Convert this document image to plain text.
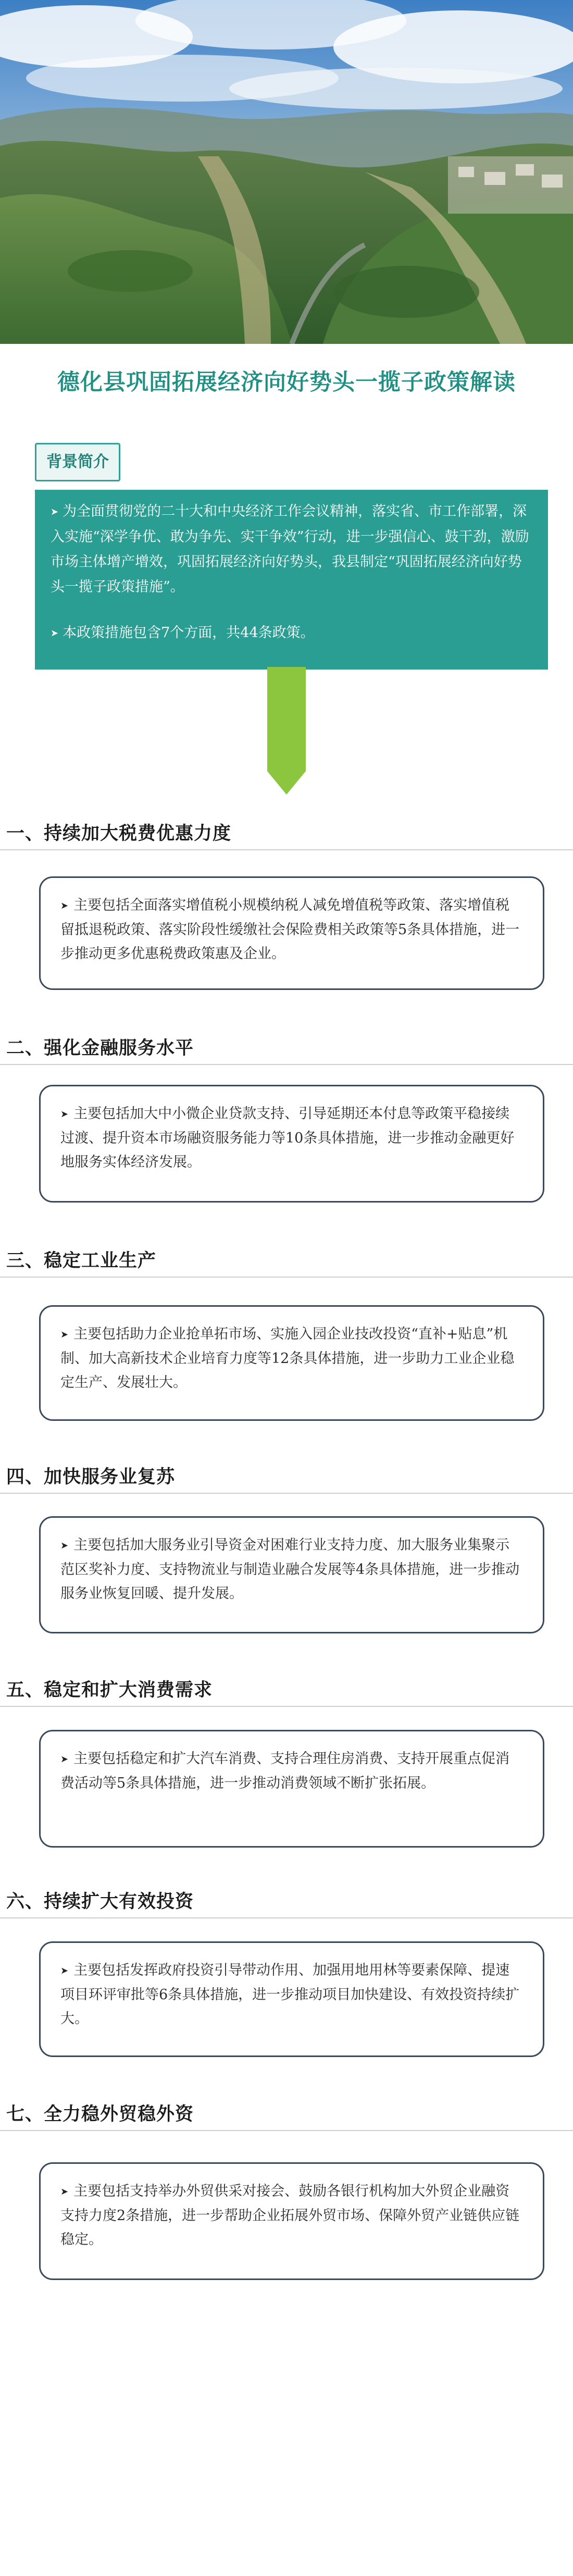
德化县巩固拓展经济向好势头一揽子政策解读
背景简介

➤ 为全面贯彻党的二十大和中央经济工作会议精神，落实省、市工作部署，深入实施“深学争优、敢为争先、实干争效”行动，进一步强信心、鼓干劲，激励市场主体增产增效，巩固拓展经济向好势头，我县制定“巩固拓展经济向好势头一揽子政策措施”。

➤ 本政策措施包含7个方面，共44条政策。

一、持续加大税费优惠力度

➤ 主要包括全面落实增值税小规模纳税人减免增值税等政策、落实增值税留抵退税政策、落实阶段性缓缴社会保险费相关政策等5条具体措施，进一步推动更多优惠税费政策惠及企业。

二、强化金融服务水平

➤ 主要包括加大中小微企业贷款支持、引导延期还本付息等政策平稳接续过渡、提升资本市场融资服务能力等10条具体措施，进一步推动金融更好地服务实体经济发展。

三、稳定工业生产

➤ 主要包括助力企业抢单拓市场、实施入园企业技改投资“直补+贴息”机制、加大高新技术企业培育力度等12条具体措施，进一步助力工业企业稳定生产、发展壮大。

四、加快服务业复苏

➤ 主要包括加大服务业引导资金对困难行业支持力度、加大服务业集聚示范区奖补力度、支持物流业与制造业融合发展等4条具体措施，进一步推动服务业恢复回暖、提升发展。

五、稳定和扩大消费需求

➤ 主要包括稳定和扩大汽车消费、支持合理住房消费、支持开展重点促消费活动等5条具体措施，进一步推动消费领域不断扩张拓展。

六、持续扩大有效投资

➤ 主要包括发挥政府投资引导带动作用、加强用地用林等要素保障、提速项目环评审批等6条具体措施，进一步推动项目加快建设、有效投资持续扩大。

七、全力稳外贸稳外资

➤ 主要包括支持举办外贸供采对接会、鼓励各银行机构加大外贸企业融资支持力度2条措施，进一步帮助企业拓展外贸市场、保障外贸产业链供应链稳定。
